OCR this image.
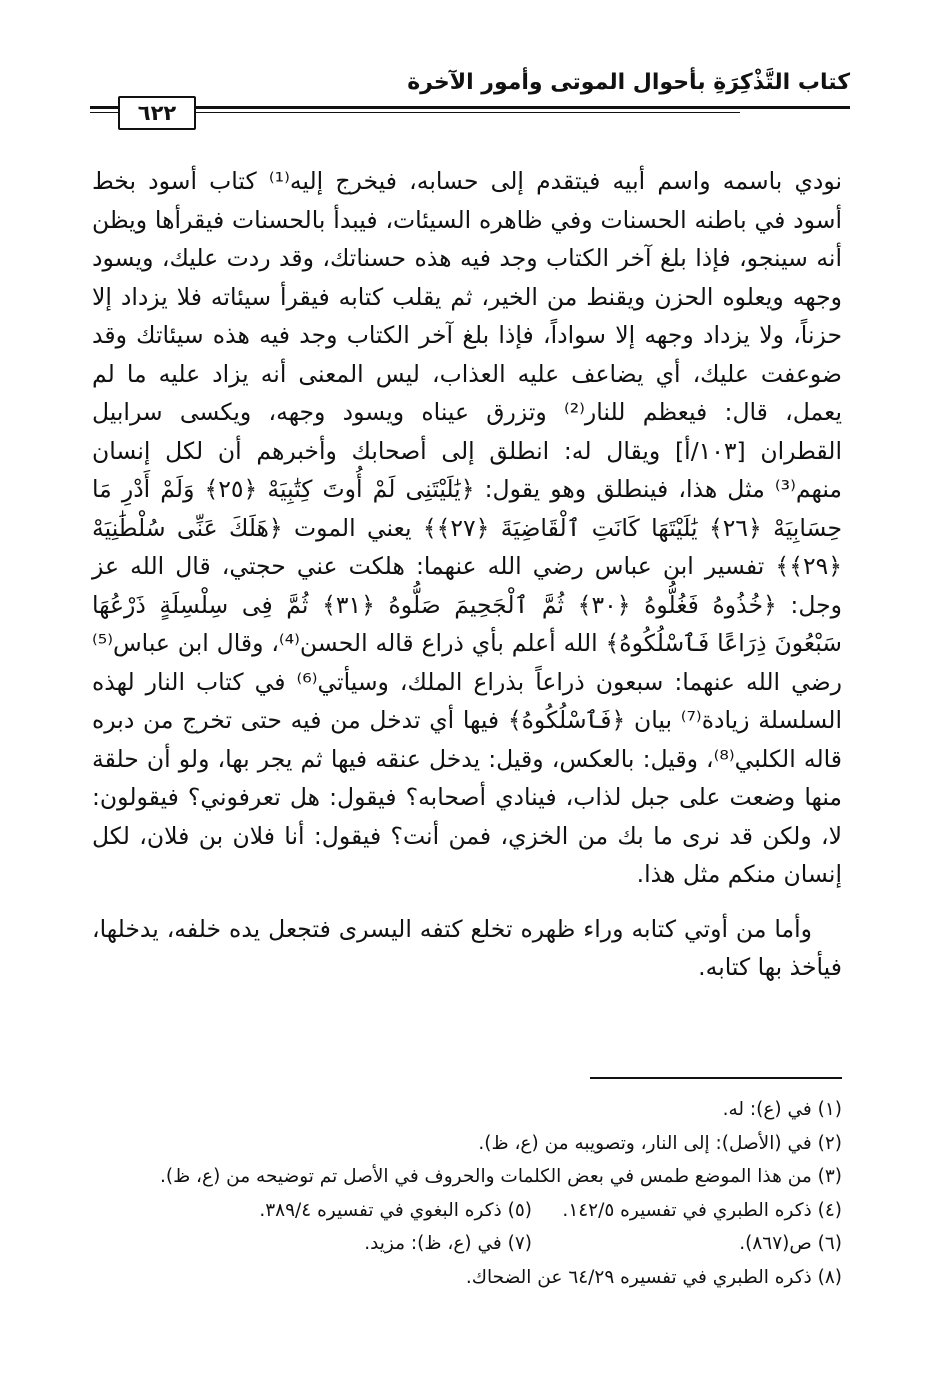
كتاب التَّذْكِرَةِ بأحوال الموتى وأمور الآخرة
٦٢٢

نودي باسمه واسم أبيه فيتقدم إلى حسابه، فيخرج إليه⁽¹⁾ كتاب أسود بخط أسود في باطنه الحسنات وفي ظاهره السيئات، فيبدأ بالحسنات فيقرأها ويظن أنه سينجو، فإذا بلغ آخر الكتاب وجد فيه هذه حسناتك، وقد ردت عليك، ويسود وجهه ويعلوه الحزن ويقنط من الخير، ثم يقلب كتابه فيقرأ سيئاته فلا يزداد إلا حزناً، ولا يزداد وجهه إلا سواداً، فإذا بلغ آخر الكتاب وجد فيه هذه سيئاتك وقد ضوعفت عليك، أي يضاعف عليه العذاب، ليس المعنى أنه يزاد عليه ما لم يعمل، قال: فيعظم للنار⁽²⁾ وتزرق عيناه ويسود وجهه، ويكسى سرابيل القطران [١٠٣/أ] ويقال له: انطلق إلى أصحابك وأخبرهم أن لكل إنسان منهم⁽³⁾ مثل هذا، فينطلق وهو يقول: ﴿يَٰلَيْتَنِى لَمْ أُوتَ كِتَٰبِيَهْ ﴿٢٥﴾ وَلَمْ أَدْرِ مَا حِسَابِيَهْ ﴿٢٦﴾ يَٰلَيْتَهَا كَانَتِ ٱلْقَاضِيَةَ ﴿٢٧﴾﴾ يعني الموت ﴿هَلَكَ عَنِّى سُلْطَٰنِيَهْ ﴿٢٩﴾﴾ تفسير ابن عباس رضي الله عنهما: هلكت عني حجتي، قال الله عز وجل: ﴿خُذُوهُ فَغُلُّوهُ ﴿٣٠﴾ ثُمَّ ٱلْجَحِيمَ صَلُّوهُ ﴿٣١﴾ ثُمَّ فِى سِلْسِلَةٍ ذَرْعُهَا سَبْعُونَ ذِرَاعًا فَٱسْلُكُوهُ﴾ الله أعلم بأي ذراع قاله الحسن⁽⁴⁾، وقال ابن عباس⁽⁵⁾ رضي الله عنهما: سبعون ذراعاً بذراع الملك، وسيأتي⁽⁶⁾ في كتاب النار لهذه السلسلة زيادة⁽⁷⁾ بيان ﴿فَٱسْلُكُوهُ﴾ فيها أي تدخل من فيه حتى تخرج من دبره قاله الكلبي⁽⁸⁾، وقيل: بالعكس، وقيل: يدخل عنقه فيها ثم يجر بها، ولو أن حلقة منها وضعت على جبل لذاب، فينادي أصحابه؟ فيقول: هل تعرفوني؟ فيقولون: لا، ولكن قد نرى ما بك من الخزي، فمن أنت؟ فيقول: أنا فلان بن فلان، لكل إنسان منكم مثل هذا.

وأما من أوتي كتابه وراء ظهره تخلع كتفه اليسرى فتجعل يده خلفه، يدخلها، فيأخذ بها كتابه.

(١) في (ع): له.
(٢) في (الأصل): إلى النار، وتصويبه من (ع، ظ).
(٣) من هذا الموضع طمس في بعض الكلمات والحروف في الأصل تم توضيحه من (ع، ظ).
(٤) ذكره الطبري في تفسيره ١٤٢/٥.
(٥) ذكره البغوي في تفسيره ٣٨٩/٤.
(٦) ص(٨٦٧).
(٧) في (ع، ظ): مزيد.
(٨) ذكره الطبري في تفسيره ٦٤/٢٩ عن الضحاك.
